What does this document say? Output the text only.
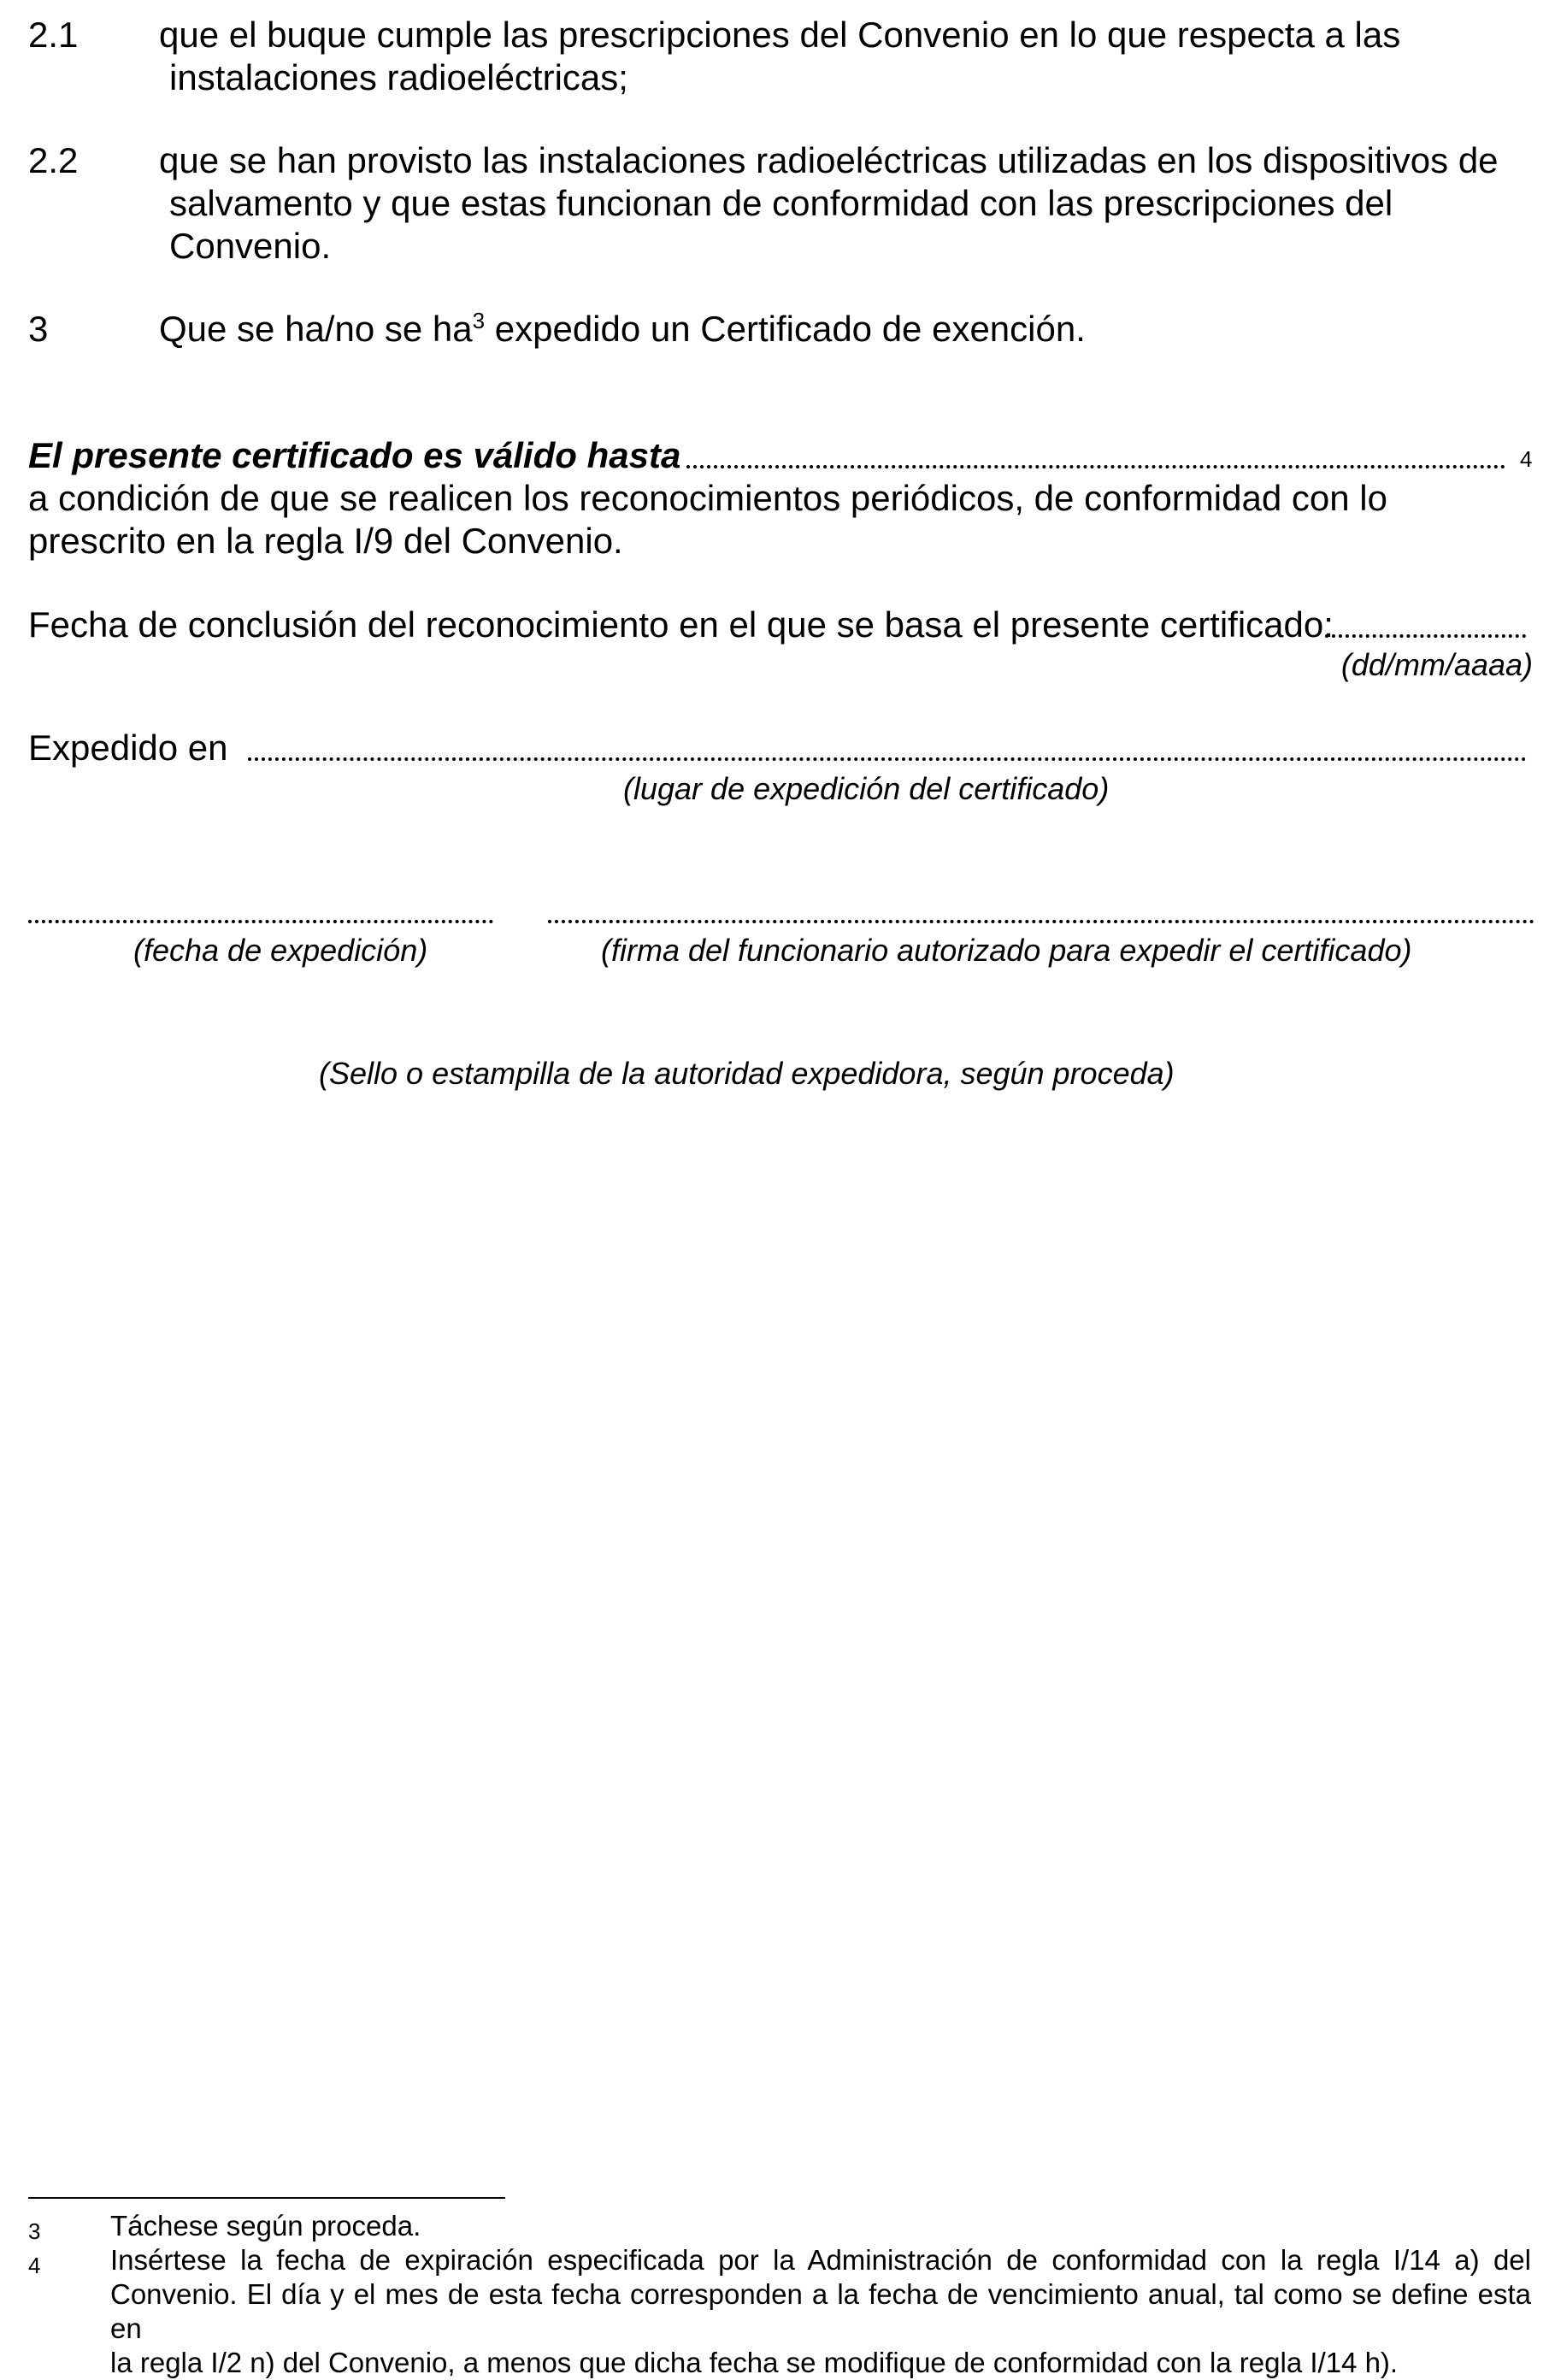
2.1 que el buque cumple las prescripciones del Convenio en lo que respecta a las
instalaciones radioeléctricas;
2.2 que se han provisto las instalaciones radioeléctricas utilizadas en los dispositivos de
salvamento y que estas funcionan de conformidad con las prescripciones del
Convenio.
3	Que se ha/no se $ha^3$ expedido un Certificado de exención.
El presente certificado es válido hasta	4
a condición de que se realicen los reconocimientos periódicos, de conformidad con lo
prescrito en la regla I/9 del Convenio.
Fecha de conclusión del reconocimiento en el que se basa el presente certificado:
(dd/mm/aaaa)
Expedido en
(lugar de expedición del certificado)
(fecha de expedición)	(firma del funcionario autorizado para expedir el certificado)
(Sello o estampilla de la autoridad expedidora, según proceda)
3 Táchese según proceda.
4 Insértese la fecha de expiración especificada por la Administración de conformidad con la regla I/14 a) del
Convenio. El día y el mes de esta fecha corresponden a la fecha de vencimiento anual, tal como se define esta en
la regla I/2 n) del Convenio, a menos que dicha fecha se modifique de conformidad con la regla I/14 h).
